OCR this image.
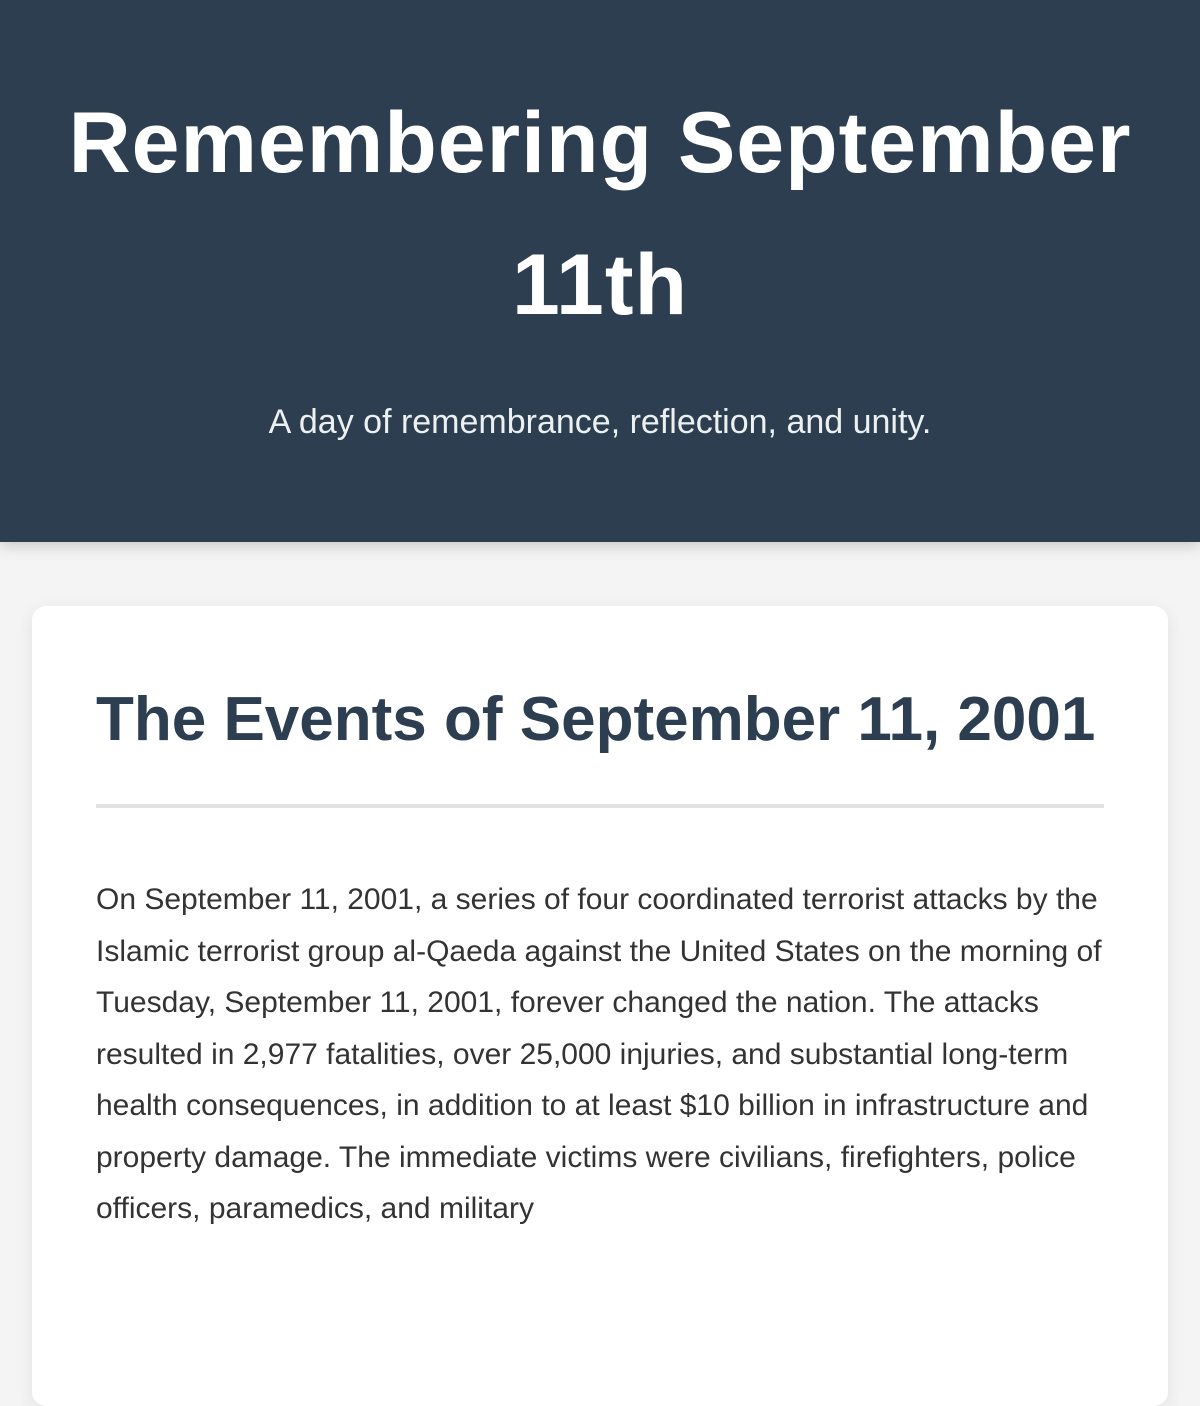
Remembering September 11th

A day of remembrance, reflection, and unity.

The Events of September 11, 2001

On September 11, 2001, a series of four coordinated terrorist attacks by the Islamic terrorist group al-Qaeda against the United States on the morning of Tuesday, September 11, 2001, forever changed the nation. The attacks resulted in 2,977 fatalities, over 25,000 injuries, and substantial long-term health consequences, in addition to at least $10 billion in infrastructure and property damage. The immediate victims were civilians, firefighters, police officers, paramedics, and military
